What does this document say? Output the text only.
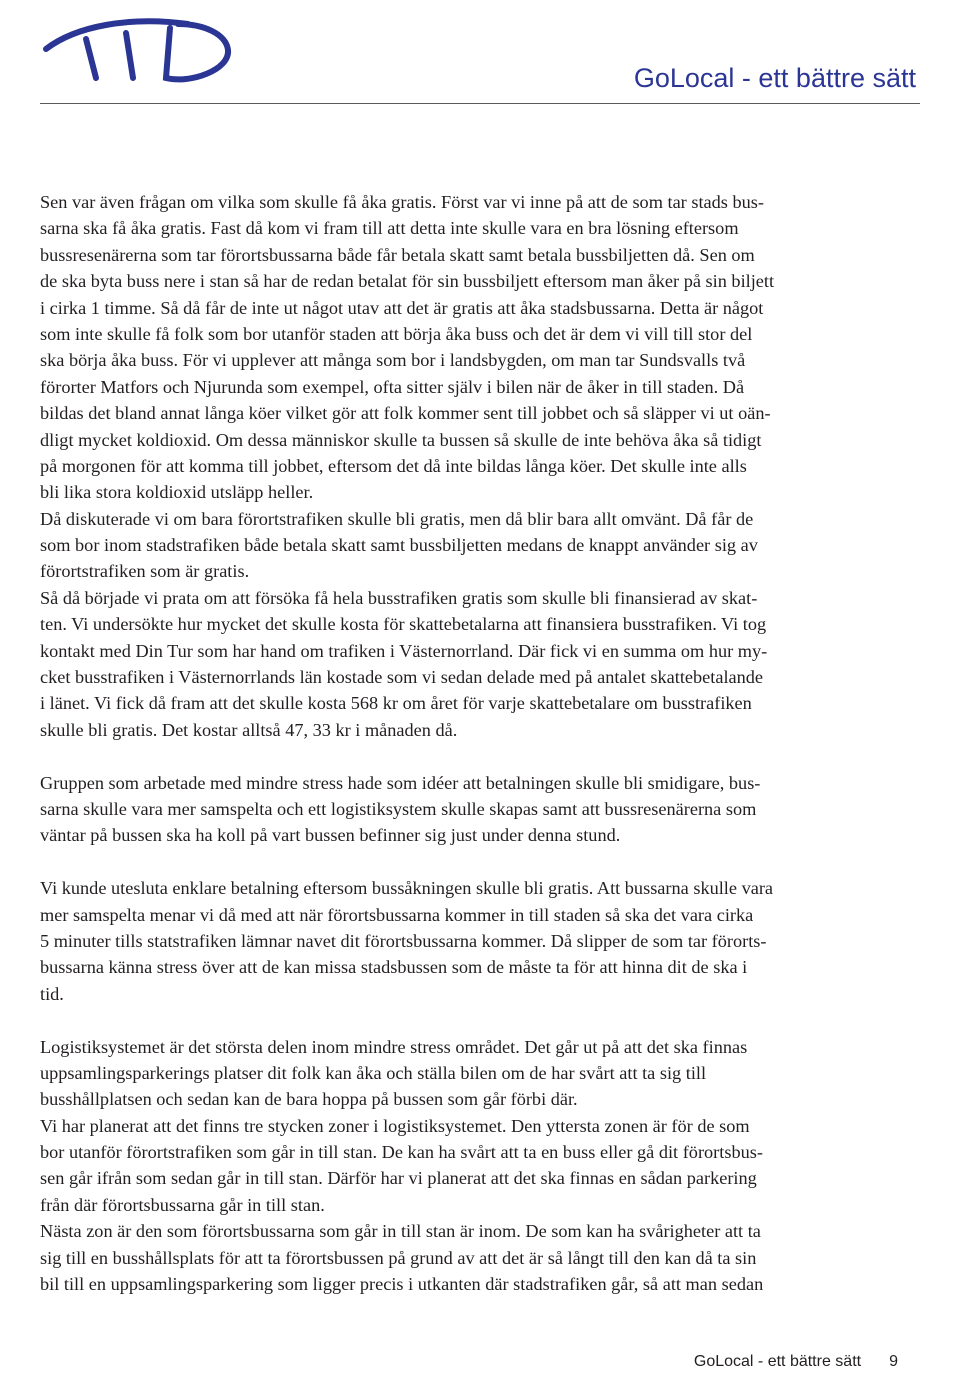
GoLocal - ett bättre sätt
Sen var även frågan om vilka som skulle få åka gratis. Först var vi inne på att de som tar stads bus-
sarna ska få åka gratis. Fast då kom vi fram till att detta inte skulle vara en bra lösning eftersom
bussresenärerna som tar förortsbussarna både får betala skatt samt betala bussbiljetten då. Sen om
de ska byta buss nere i stan så har de redan betalat för sin bussbiljett eftersom man åker på sin biljett
i cirka 1 timme. Så då får de inte ut något utav att det är gratis att åka stadsbussarna. Detta är något
som inte skulle få folk som bor utanför staden att börja åka buss och det är dem vi vill till stor del
ska börja åka buss. För vi upplever att många som bor i landsbygden, om man tar Sundsvalls två
förorter Matfors och Njurunda som exempel, ofta sitter själv i bilen när de åker in till staden. Då
bildas det bland annat långa köer vilket gör att folk kommer sent till jobbet och så släpper vi ut oän-
dligt mycket koldioxid. Om dessa människor skulle ta bussen så skulle de inte behöva åka så tidigt
på morgonen för att komma till jobbet, eftersom det då inte bildas långa köer. Det skulle inte alls
bli lika stora koldioxid utsläpp heller.
Då diskuterade vi om bara förortstrafiken skulle bli gratis, men då blir bara allt omvänt. Då får de
som bor inom stadstrafiken både betala skatt samt bussbiljetten medans de knappt använder sig av
förortstrafiken som är gratis.
Så då började vi prata om att försöka få hela busstrafiken gratis som skulle bli finansierad av skat-
ten. Vi undersökte hur mycket det skulle kosta för skattebetalarna att finansiera busstrafiken. Vi tog
kontakt med Din Tur som har hand om trafiken i Västernorrland. Där fick vi en summa om hur my-
cket busstrafiken i Västernorrlands län kostade som vi sedan delade med på antalet skattebetalande
i länet. Vi fick då fram att det skulle kosta 568 kr om året för varje skattebetalare om busstrafiken
skulle bli gratis. Det kostar alltså 47, 33 kr i månaden då.
Gruppen som arbetade med mindre stress hade som idéer att betalningen skulle bli smidigare, bus-
sarna skulle vara mer samspelta och ett logistiksystem skulle skapas samt att bussresenärerna som
väntar på bussen ska ha koll på vart bussen befinner sig just under denna stund.
Vi kunde utesluta enklare betalning eftersom bussåkningen skulle bli gratis. Att bussarna skulle vara
mer samspelta menar vi då med att när förortsbussarna kommer in till staden så ska det vara cirka
5 minuter tills statstrafiken lämnar navet dit förortsbussarna kommer. Då slipper de som tar förorts-
bussarna känna stress över att de kan missa stadsbussen som de måste ta för att hinna dit de ska i
tid.
Logistiksystemet är det största delen inom mindre stress området. Det går ut på att det ska finnas
uppsamlingsparkerings platser dit folk kan åka och ställa bilen om de har svårt att ta sig till
busshållplatsen och sedan kan de bara hoppa på bussen som går förbi där.
Vi har planerat att det finns tre stycken zoner i logistiksystemet. Den yttersta zonen är för de som
bor utanför förortstrafiken som går in till stan. De kan ha svårt att ta en buss eller gå dit förortsbus-
sen går ifrån som sedan går in till stan. Därför har vi planerat att det ska finnas en sådan parkering
från där förortsbussarna går in till stan.
Nästa zon är den som förortsbussarna som går in till stan är inom. De som kan ha svårigheter att ta
sig till en busshållsplats för att ta förortsbussen på grund av att det är så långt till den kan då ta sin
bil till en uppsamlingsparkering som ligger precis i utkanten där stadstrafiken går, så att man sedan
GoLocal - ett bättre sätt 9
